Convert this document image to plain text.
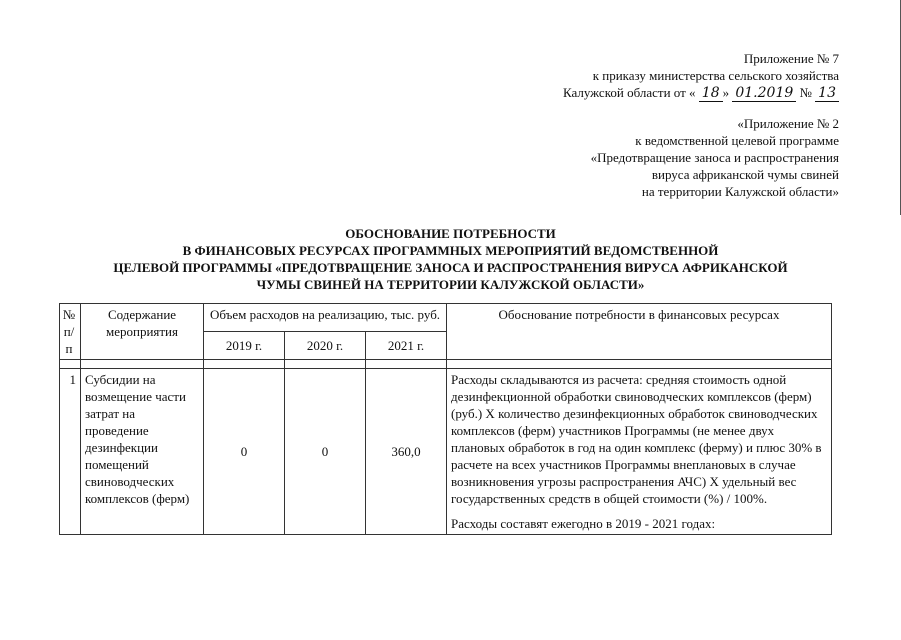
Приложение № 7
к приказу министерства сельского хозяйства
Калужской области от « 18 » 01.2019 № 13
«Приложение № 2
к ведомственной целевой программе
«Предотвращение заноса и распространения
вируса африканской чумы свиней
на территории Калужской области»
ОБОСНОВАНИЕ ПОТРЕБНОСТИ
В ФИНАНСОВЫХ РЕСУРСАХ ПРОГРАММНЫХ МЕРОПРИЯТИЙ ВЕДОМСТВЕННОЙ
ЦЕЛЕВОЙ ПРОГРАММЫ «ПРЕДОТВРАЩЕНИЕ ЗАНОСА И РАСПРОСТРАНЕНИЯ ВИРУСА АФРИКАНСКОЙ
ЧУМЫ СВИНЕЙ НА ТЕРРИТОРИИ КАЛУЖСКОЙ ОБЛАСТИ»
№ п/п	Содержание мероприятия	Объем расходов на реализацию, тыс. руб.			Обоснование потребности в финансовых ресурсах
		2019 г.	2020 г.	2021 г.	

1	Субсидии на возмещение части затрат на проведение дезинфекции помещений свиноводческих комплексов (ферм)	0	0	360,0	Расходы складываются из расчета: средняя стоимость одной дезинфекционной обработки свиноводческих комплексов (ферм) (руб.) Х количество дезинфекционных обработок свиноводческих комплексов (ферм) участников Программы (не менее двух плановых обработок в год на один комплекс (ферму) и плюс 30% в расчете на всех участников Программы внеплановых в случае возникновения угрозы распространения АЧС) Х удельный вес государственных средств в общей стоимости (%) / 100%.

Расходы составят ежегодно в 2019 - 2021 годах:
